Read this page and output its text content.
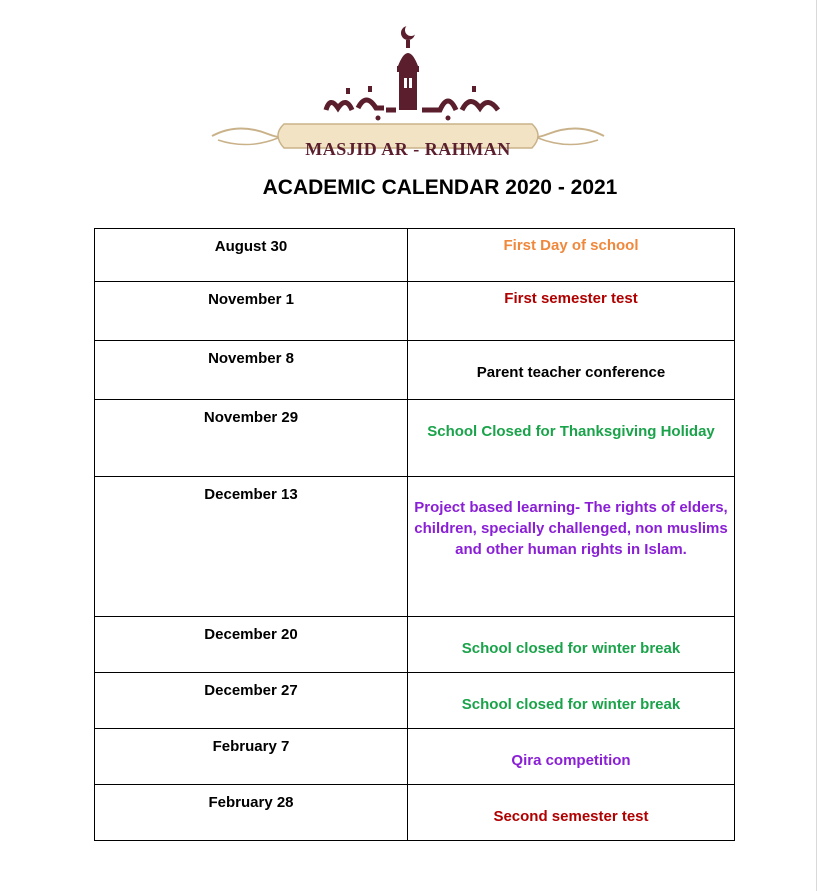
MASJID AR - RAHMAN
ACADEMIC CALENDAR 2020 - 2021
August 30	First Day of school
November 1	First semester test
November 8	Parent teacher conference
November 29	School Closed for Thanksgiving Holiday
December 13	Project based learning- The rights of elders, children, specially challenged, non muslims and other human rights in Islam.
December 20	School closed for winter break
December 27	School closed for winter break
February 7	Qira competition
February 28	Second semester test
